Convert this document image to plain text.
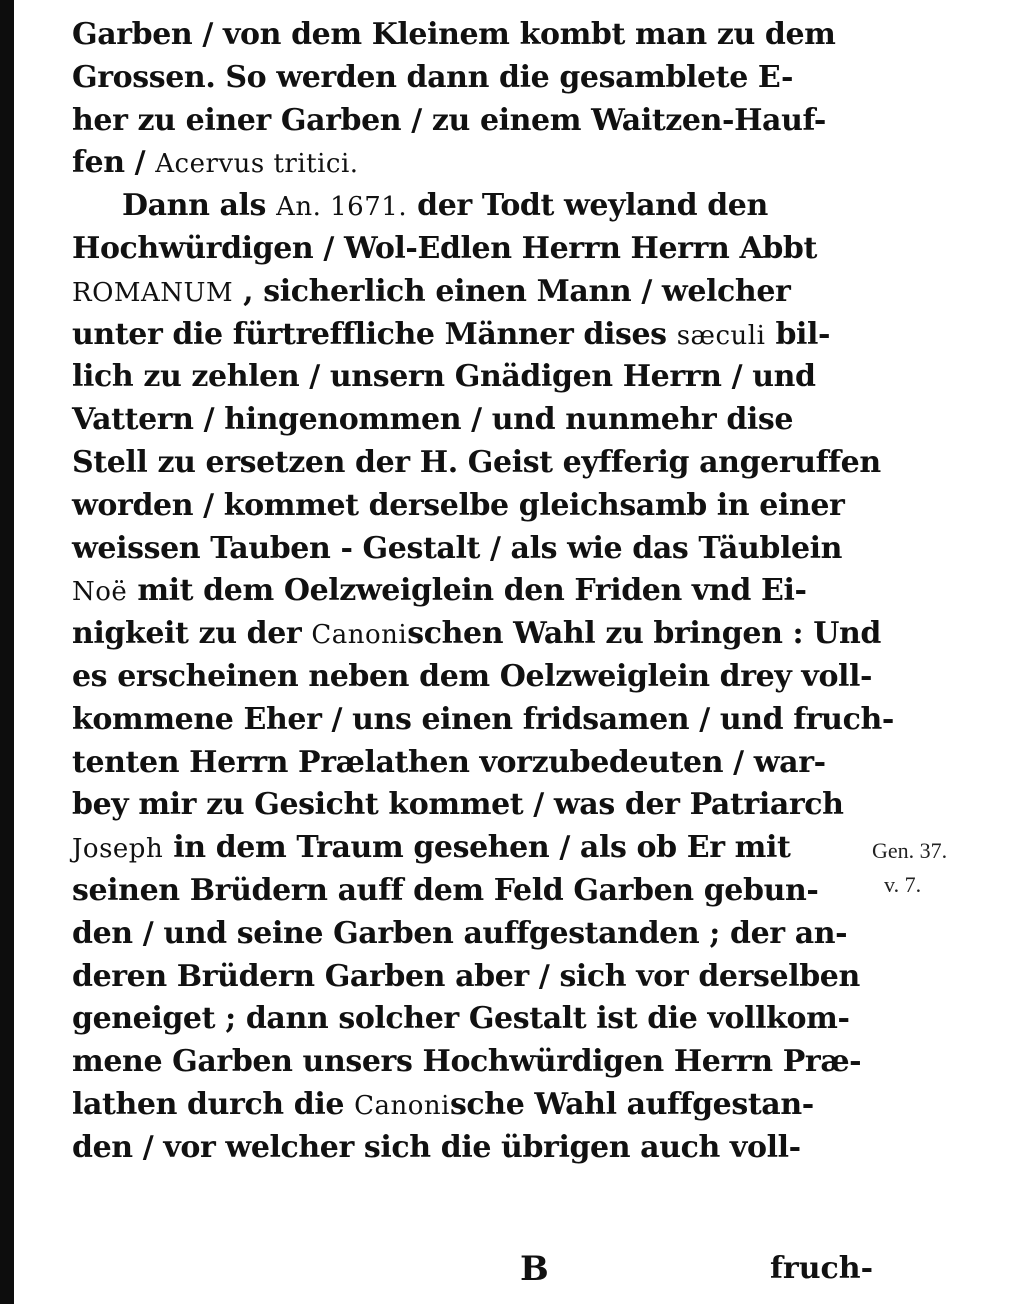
Garben / von dem Kleinem kombt man zu dem
Grossen. So werden dann die gesamblete E-
her zu einer Garben / zu einem Waitzen-Hauf-
fen / Acervus tritici.
Dann als An. 1671. der Todt weyland den
Hochwürdigen / Wol-Edlen Herrn Herrn Abbt
ROMANUM , sicherlich einen Mann / welcher
unter die fürtreffliche Männer dises sæculi bil-
lich zu zehlen / unsern Gnädigen Herrn / und
Vattern / hingenommen / und nunmehr dise
Stell zu ersetzen der H. Geist eyfferig angeruffen
worden / kommet derselbe gleichsamb in einer
weissen Tauben - Gestalt / als wie das Täublein
Noë mit dem Oelzweiglein den Friden vnd Ei-
nigkeit zu der Canonischen Wahl zu bringen : Und
es erscheinen neben dem Oelzweiglein drey voll-
kommene Eher / uns einen fridsamen / und fruch-
tenten Herrn Prælathen vorzubedeuten / war-
bey mir zu Gesicht kommet / was der Patriarch
Joseph in dem Traum gesehen / als ob Er mit
seinen Brüdern auff dem Feld Garben gebun-
den / und seine Garben auffgestanden ; der an-
deren Brüdern Garben aber / sich vor derselben
geneiget ; dann solcher Gestalt ist die vollkom-
mene Garben unsers Hochwürdigen Herrn Præ-
lathen durch die Canonische Wahl auffgestan-
den / vor welcher sich die übrigen auch voll-
Gen. 37.
v. 7.
B	fruch-
